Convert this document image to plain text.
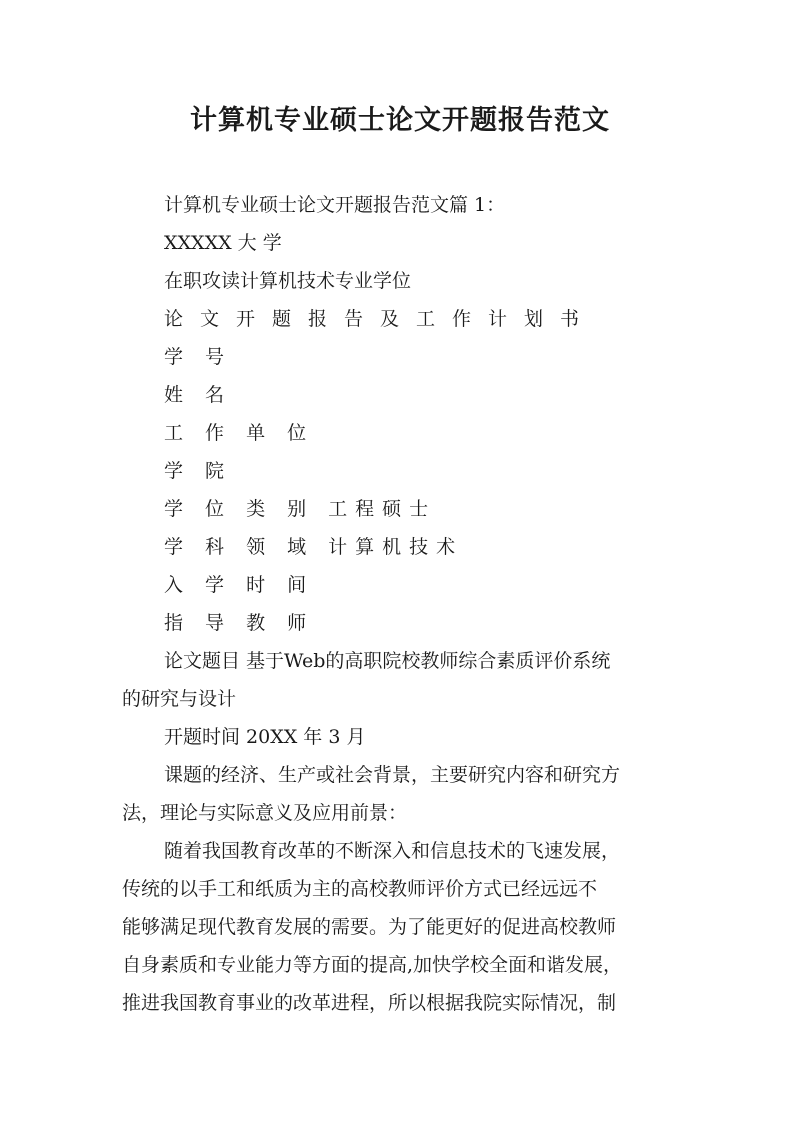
计算机专业硕士论文开题报告范文

计算机专业硕士论文开题报告范文篇 1：

XXXXX 大 学

在职攻读计算机技术专业学位

论文开题报告及工作计划书

学 号

姓 名

工 作 单 位

学 院

学 位 类 别 工程硕士

学 科 领 域 计算机技术

入 学 时 间

指 导 教 师

论文题目 基于Web的高职院校教师综合素质评价系统

的研究与设计

开题时间 20XX 年 3 月

课题的经济、生产或社会背景，主要研究内容和研究方

法，理论与实际意义及应用前景：

随着我国教育改革的不断深入和信息技术的飞速发展，

传统的以手工和纸质为主的高校教师评价方式已经远远不

能够满足现代教育发展的需要。为了能更好的促进高校教师

自身素质和专业能力等方面的提高,加快学校全面和谐发展，

推进我国教育事业的改革进程，所以根据我院实际情况，制
